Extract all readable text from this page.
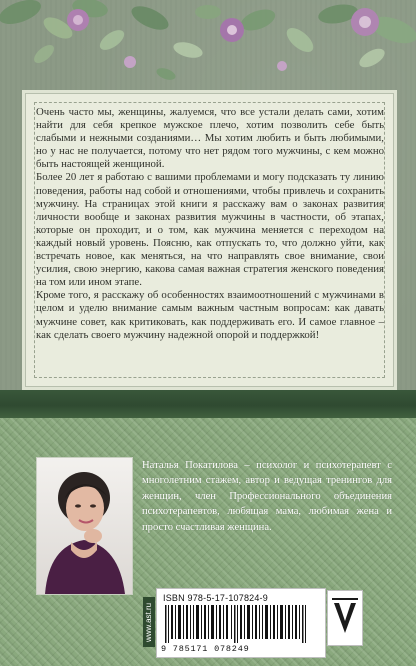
Очень часто мы, женщины, жалуемся, что все устали делать сами, хотим найти для себя крепкое мужское плечо, хотим позволить себе быть слабыми и нежными созданиями… Мы хотим любить и быть любимыми, но у нас не получается, потому что нет рядом того мужчины, с кем можно быть настоящей женщиной.

Более 20 лет я работаю с вашими проблемами и могу подсказать ту линию поведения, работы над собой и отношениями, чтобы привлечь и сохранить мужчину. На страницах этой книги я расскажу вам о законах развития личности вообще и законах развития мужчины в частности, об этапах, которые он проходит, и о том, как мужчина меняется с переходом на каждый новый уровень. Поясню, как отпускать то, что должно уйти, как встречать новое, как меняться, на что направлять свое внимание, свои усилия, свою энергию, какова самая важная стратегия женского поведения на том или ином этапе.

Кроме того, я расскажу об особенностях взаимоотношений с мужчинами в целом и уделю внимание самым важным частным вопросам: как давать мужчине совет, как критиковать, как поддерживать его. И самое главное – как сделать своего мужчину надежной опорой и поддержкой!

Наталья Покатилова – психолог и психотерапевт с многолетним стажем, автор и ведущая тренингов для женщин, член Профессионального объединения психотерапевтов, любящая мама, любимая жена и просто счастливая женщина.
www.ast.ru
ISBN 978-5-17-107824-9
9 785171 078249
